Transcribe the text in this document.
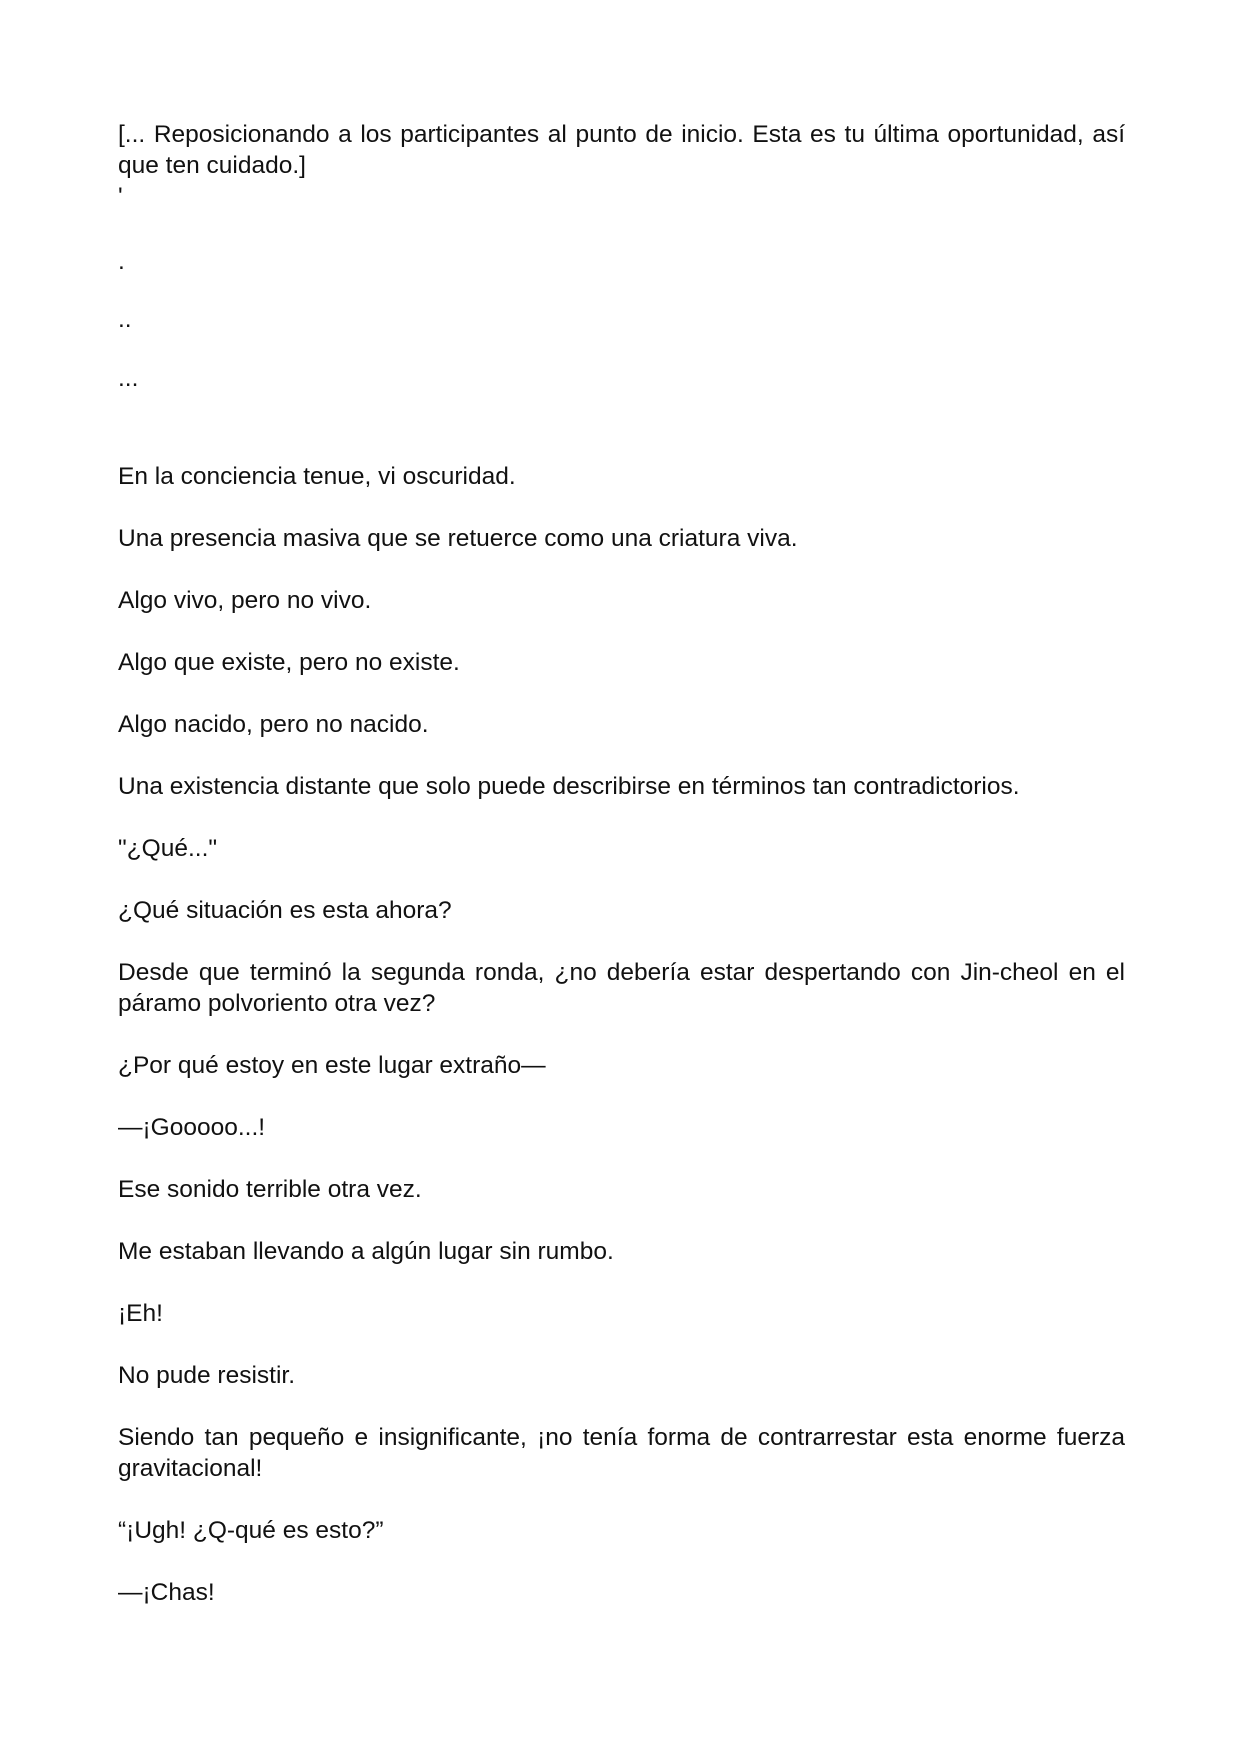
[... Reposicionando a los participantes al punto de inicio. Esta es tu última oportunidad, así que ten cuidado.]

'

.

..

...

En la conciencia tenue, vi oscuridad.

Una presencia masiva que se retuerce como una criatura viva.

Algo vivo, pero no vivo.

Algo que existe, pero no existe.

Algo nacido, pero no nacido.

Una existencia distante que solo puede describirse en términos tan contradictorios.

"¿Qué..."

¿Qué situación es esta ahora?

Desde que terminó la segunda ronda, ¿no debería estar despertando con Jin-cheol en el páramo polvoriento otra vez?

¿Por qué estoy en este lugar extraño—

—¡Gooooo...!

Ese sonido terrible otra vez.

Me estaban llevando a algún lugar sin rumbo.

¡Eh!

No pude resistir.

Siendo tan pequeño e insignificante, ¡no tenía forma de contrarrestar esta enorme fuerza gravitacional!

“¡Ugh! ¿Q-qué es esto?”

—¡Chas!
